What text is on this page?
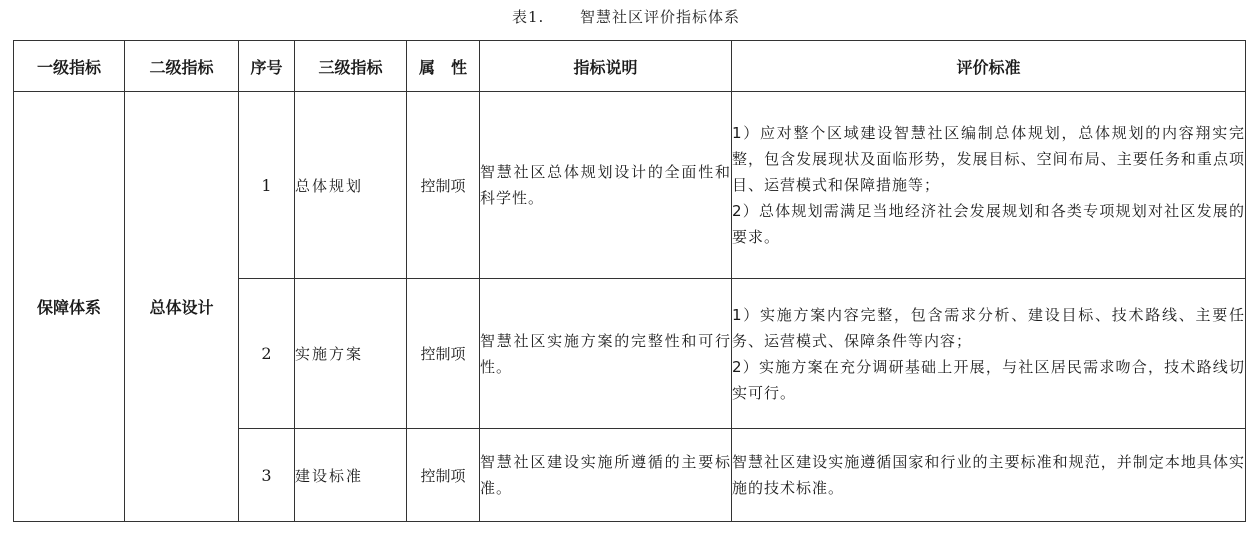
表1. 智慧社区评价指标体系
一级指标	二级指标	序号	三级指标	属　性	指标说明	评价标准
保障体系	总体设计	1	总体规划	控制项	智慧社区总体规划设计的全面性和科学性。	1）应对整个区域建设智慧社区编制总体规划，总体规划的内容翔实完整，包含发展现状及面临形势，发展目标、空间布局、主要任务和重点项目、运营模式和保障措施等；
2）总体规划需满足当地经济社会发展规划和各类专项规划对社区发展的要求。

		2	实施方案	控制项	智慧社区实施方案的完整性和可行性。	1）实施方案内容完整，包含需求分析、建设目标、技术路线、主要任务、运营模式、保障条件等内容；
2）实施方案在充分调研基础上开展，与社区居民需求吻合，技术路线切实可行。

		3	建设标准	控制项	智慧社区建设实施所遵循的主要标准。	智慧社区建设实施遵循国家和行业的主要标准和规范，并制定本地具体实施的技术标准。
